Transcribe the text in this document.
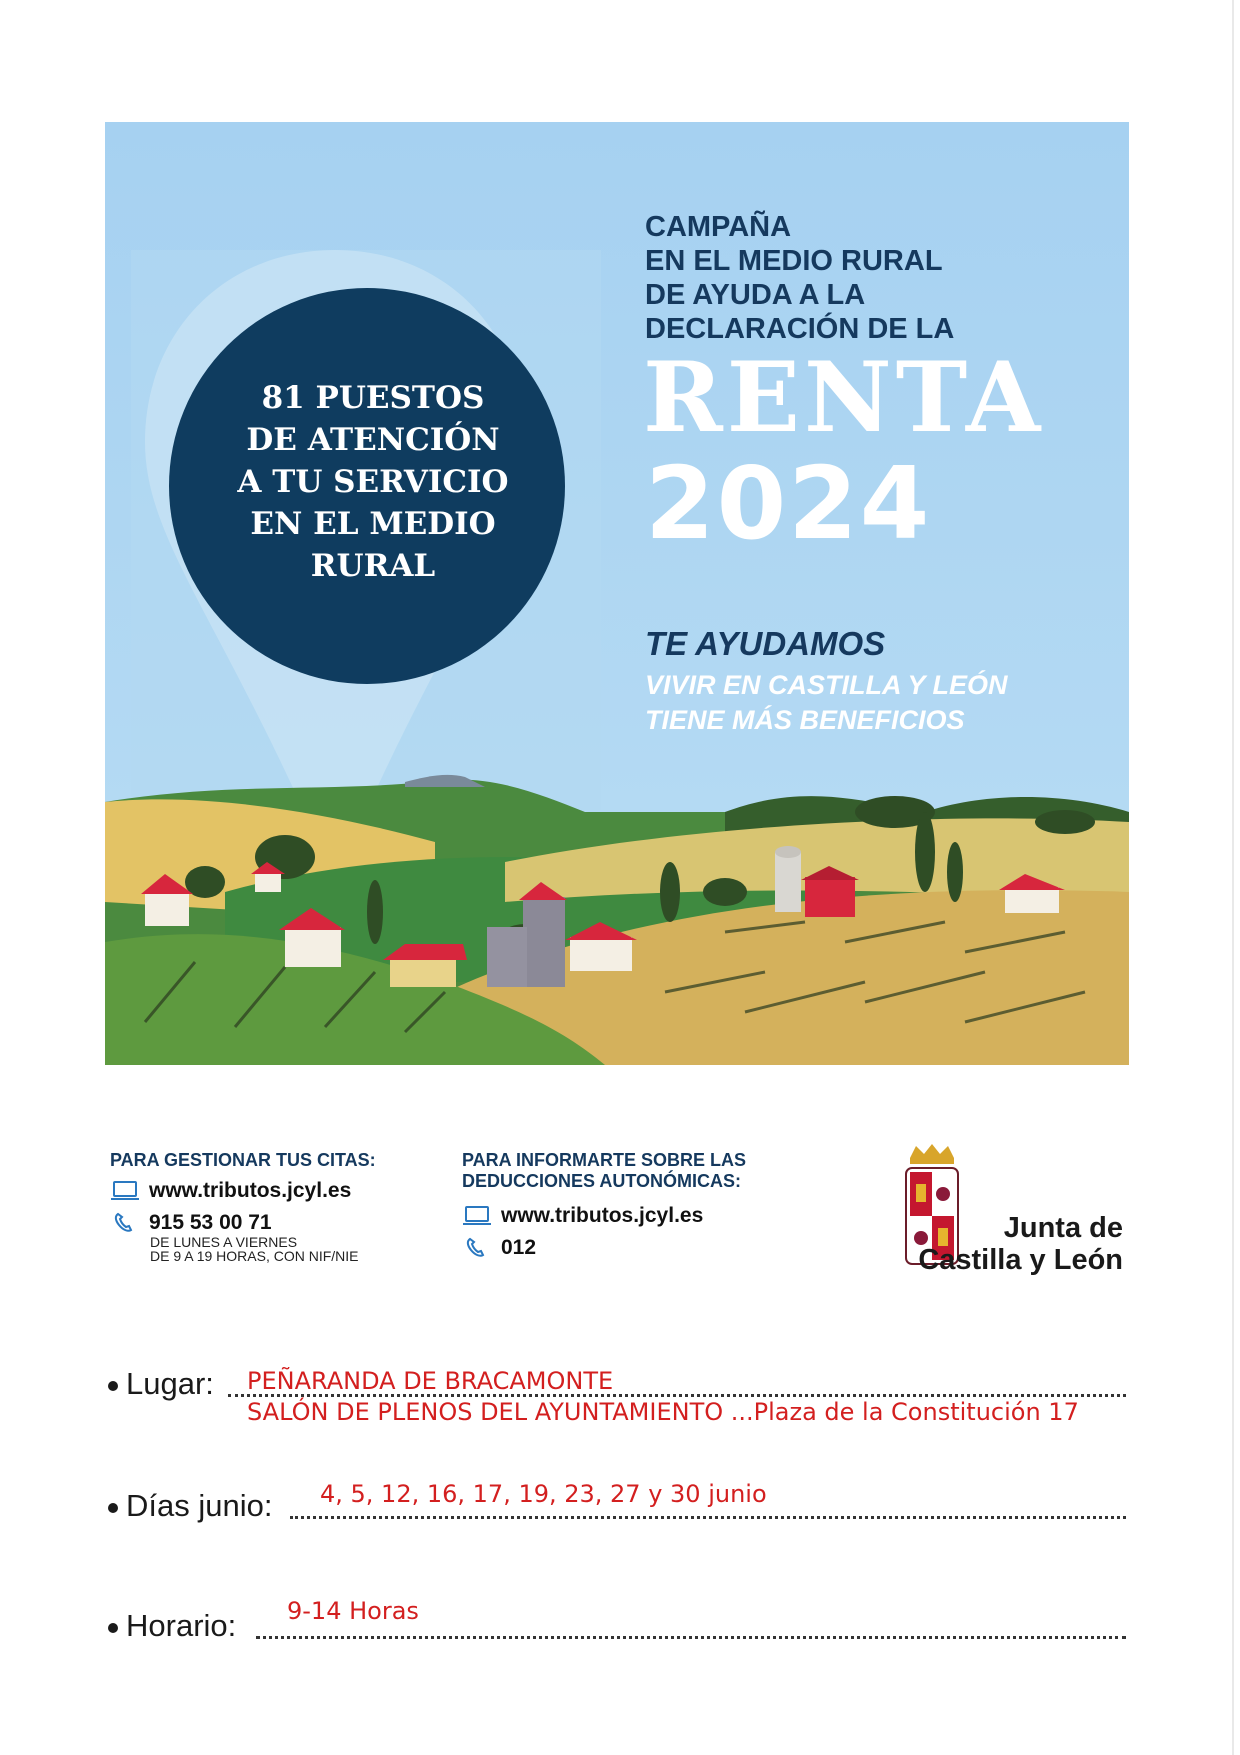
81 PUESTOS
DE ATENCIÓN
A TU SERVICIO
EN EL MEDIO
RURAL
CAMPAÑA
EN EL MEDIO RURAL
DE AYUDA A LA
DECLARACIÓN DE LA
RENTA
2024
TE AYUDAMOS
VIVIR EN CASTILLA Y LEÓN
TIENE MÁS BENEFICIOS
PARA GESTIONAR TUS CITAS:
www.tributos.jcyl.es
915 53 00 71
DE LUNES A VIERNES
DE 9 A 19 HORAS, CON NIF/NIE
PARA INFORMARTE SOBRE LAS
DEDUCCIONES AUTONÓMICAS:
www.tributos.jcyl.es
012
Junta de
Castilla y León
Lugar: PEÑARANDA DE BRACAMONTE
SALÓN DE PLENOS DEL AYUNTAMIENTO ...Plaza de la Constitución 17
Días junio: 4, 5, 12, 16, 17, 19, 23, 27 y 30 junio
Horario: 9-14 Horas
